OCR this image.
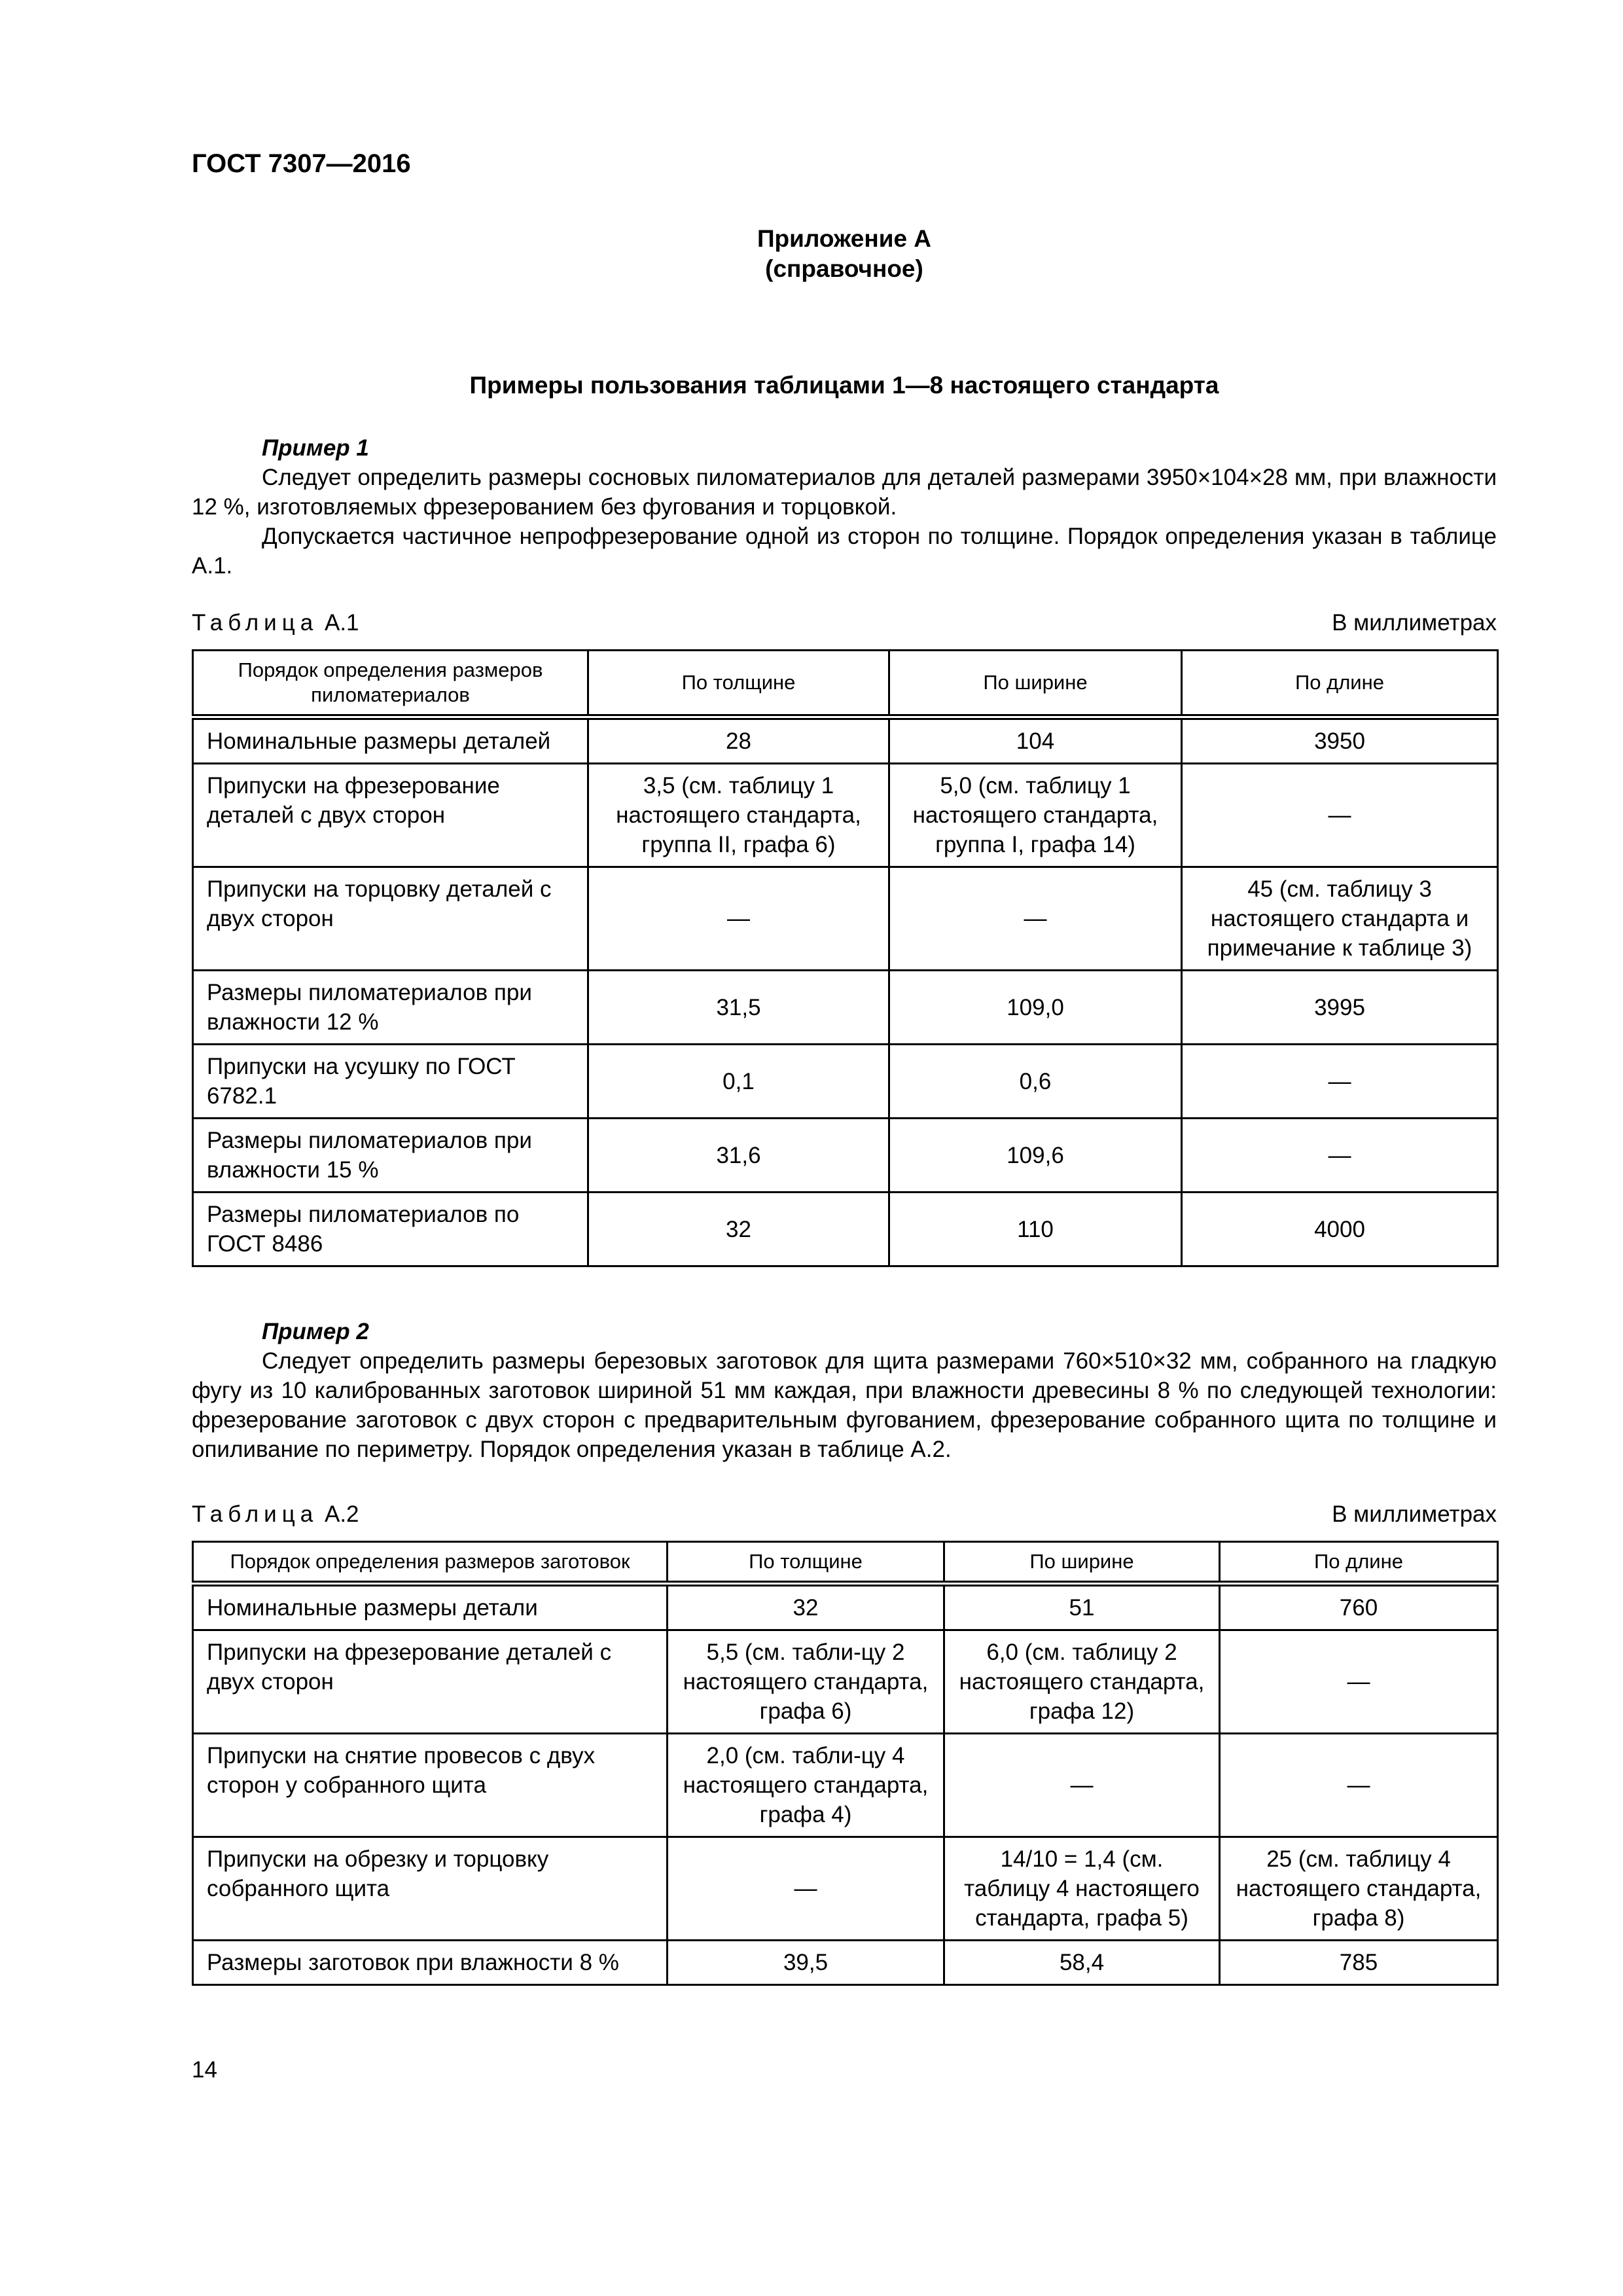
ГОСТ 7307—2016
Приложение А
(справочное)
Примеры пользования таблицами 1—8 настоящего стандарта
Пример 1

Следует определить размеры сосновых пиломатериалов для деталей размерами 3950×104×28 мм, при влажности 12 %, изготовляемых фрезерованием без фугования и торцовкой.

Допускается частичное непрофрезерование одной из сторон по толщине. Порядок определения указан в таблице А.1.

Таблица А.1	В миллиметрах
Порядок определения размеров пиломатериалов	По толщине	По ширине	По длине
Номинальные размеры деталей	28	104	3950
Припуски на фрезерование деталей с двух сторон	3,5 (см. таблицу 1 настоящего стандарта, группа II, графа 6)	5,0 (см. таблицу 1 настоящего стандарта, группа I, графа 14)	—
Припуски на торцовку деталей с двух сторон	—	—	45 (см. таблицу 3 настоящего стандарта и примечание к таблице 3)
Размеры пиломатериалов при влажности 12 %	31,5	109,0	3995
Припуски на усушку по ГОСТ 6782.1	0,1	0,6	—
Размеры пиломатериалов при влажности 15 %	31,6	109,6	—
Размеры пиломатериалов по ГОСТ 8486	32	110	4000
Пример 2

Следует определить размеры березовых заготовок для щита размерами 760×510×32 мм, собранного на гладкую фугу из 10 калиброванных заготовок шириной 51 мм каждая, при влажности древесины 8 % по следующей технологии: фрезерование заготовок с двух сторон с предварительным фугованием, фрезерование собранного щита по толщине и опиливание по периметру. Порядок определения указан в таблице А.2.

Таблица А.2	В миллиметрах
Порядок определения размеров заготовок	По толщине	По ширине	По длине
Номинальные размеры детали	32	51	760
Припуски на фрезерование деталей с двух сторон	5,5 (см. табли-цу 2 настоящего стандарта, графа 6)	6,0 (см. таблицу 2 настоящего стандарта, графа 12)	—
Припуски на снятие провесов с двух сторон у собранного щита	2,0 (см. табли-цу 4 настоящего стандарта, графа 4)	—	—
Припуски на обрезку и торцовку собранного щита	—	14/10 = 1,4 (см. таблицу 4 настоящего стандарта, графа 5)	25 (см. таблицу 4 настоящего стандарта, графа 8)
Размеры заготовок при влажности 8 %	39,5	58,4	785
14
